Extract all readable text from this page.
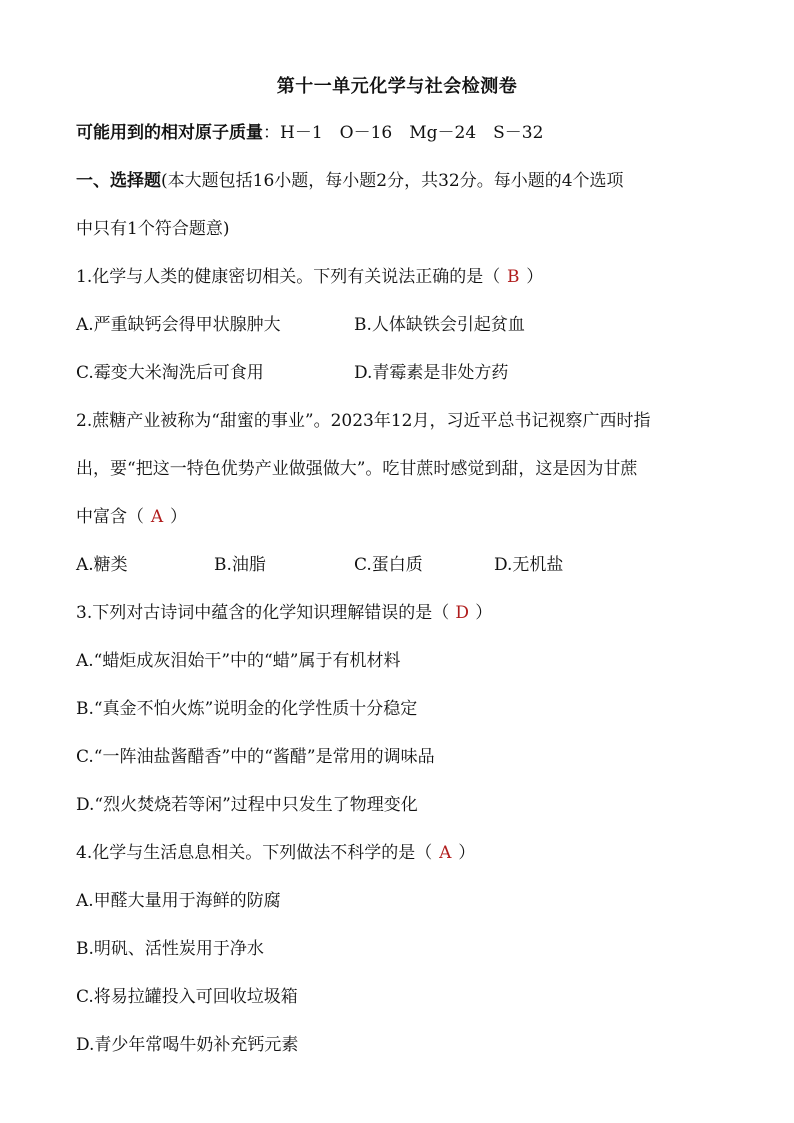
第十一单元化学与社会检测卷
可能用到的相对原子质量：H－1　O－16　Mg－24　S－32
一、选择题(本大题包括16小题，每小题2分，共32分。每小题的4个选项
中只有1个符合题意)
1.化学与人类的健康密切相关。下列有关说法正确的是（ B ）
A.严重缺钙会得甲状腺肿大	B.人体缺铁会引起贫血
C.霉变大米淘洗后可食用	D.青霉素是非处方药
2.蔗糖产业被称为“甜蜜的事业”。2023年12月，习近平总书记视察广西时指
出，要“把这一特色优势产业做强做大”。吃甘蔗时感觉到甜，这是因为甘蔗
中富含（ A ）
A.糖类	B.油脂	C.蛋白质	D.无机盐
3.下列对古诗词中蕴含的化学知识理解错误的是（ D ）
A.“蜡炬成灰泪始干”中的“蜡”属于有机材料
B.“真金不怕火炼”说明金的化学性质十分稳定
C.“一阵油盐酱醋香”中的“酱醋”是常用的调味品
D.“烈火焚烧若等闲”过程中只发生了物理变化
4.化学与生活息息相关。下列做法不科学的是（ A ）
A.甲醛大量用于海鲜的防腐
B.明矾、活性炭用于净水
C.将易拉罐投入可回收垃圾箱
D.青少年常喝牛奶补充钙元素
